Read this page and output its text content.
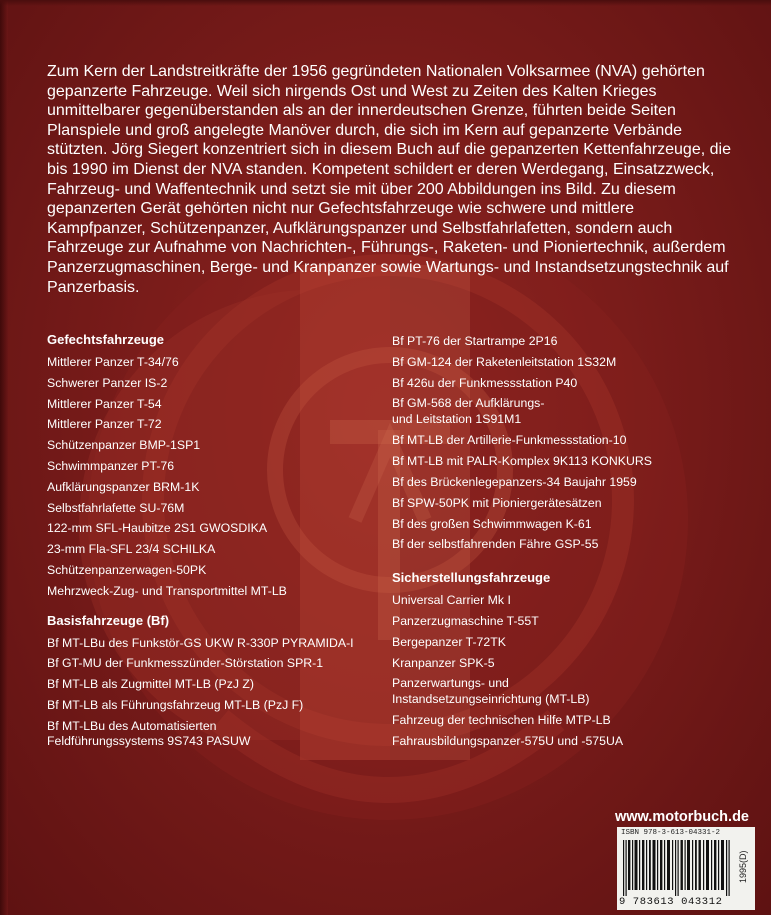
Zum Kern der Landstreitkräfte der 1956 gegründeten Nationalen Volksarmee (NVA) gehörten gepanzerte Fahrzeuge. Weil sich nirgends Ost und West zu Zeiten des Kalten Krieges unmittelbarer gegenüberstanden als an der innerdeutschen Grenze, führten beide Seiten Planspiele und groß angelegte Manöver durch, die sich im Kern auf gepanzerte Verbände stützten. Jörg Siegert konzentriert sich in diesem Buch auf die gepanzerten Kettenfahrzeuge, die bis 1990 im Dienst der NVA standen. Kompetent schildert er deren Werdegang, Einsatzzweck, Fahrzeug- und Waffentechnik und setzt sie mit über 200 Abbildungen ins Bild. Zu diesem gepanzerten Gerät gehörten nicht nur Gefechtsfahrzeuge wie schwere und mittlere Kampfpanzer, Schützenpanzer, Aufklärungspanzer und Selbstfahrlafetten, sondern auch Fahrzeuge zur Aufnahme von Nachrichten-, Führungs-, Raketen- und Pioniertechnik, außerdem Panzerzugmaschinen, Berge- und Kranpanzer sowie Wartungs- und Instandsetzungstechnik auf Panzerbasis.

Gefechtsfahrzeuge

Mittlerer Panzer T-34/76

Schwerer Panzer IS-2

Mittlerer Panzer T-54

Mittlerer Panzer T-72

Schützenpanzer BMP-1SP1

Schwimmpanzer PT-76

Aufklärungspanzer BRM-1K

Selbstfahrlafette SU-76M

122-mm SFL-Haubitze 2S1 GWOSDIKA

23-mm Fla-SFL 23/4 SCHILKA

Schützenpanzerwagen-50PK

Mehrzweck-Zug- und Transportmittel MT-LB

Basisfahrzeuge (Bf)

Bf MT-LBu des Funkstör-GS UKW R-330P PYRAMIDA-I

Bf GT-MU der Funkmesszünder-Störstation SPR-1

Bf MT-LB als Zugmittel MT-LB (PzJ Z)

Bf MT-LB als Führungsfahrzeug MT-LB (PzJ F)

Bf MT-LBu des Automatisierten
Feldführungssystems 9S743 PASUW

Bf PT-76 der Startrampe 2P16

Bf GM-124 der Raketenleitstation 1S32M

Bf 426u der Funkmessstation P40

Bf GM-568 der Aufklärungs-
und Leitstation 1S91M1

Bf MT-LB der Artillerie-Funkmessstation-10

Bf MT-LB mit PALR-Komplex 9K113 KONKURS

Bf des Brückenlegepanzers-34 Baujahr 1959

Bf SPW-50PK mit Pioniergerätesätzen

Bf des großen Schwimmwagen K-61

Bf der selbstfahrenden Fähre GSP-55

Sicherstellungsfahrzeuge

Universal Carrier Mk I

Panzerzugmaschine T-55T

Bergepanzer T-72TK

Kranpanzer SPK-5

Panzerwartungs- und
Instandsetzungseinrichtung (MT-LB)

Fahrzeug der technischen Hilfe MTP-LB

Fahrausbildungspanzer-575U und -575UA

www.motorbuch.de
ISBN 978-3-613-04331-2
1995(D)
9 783613 043312
